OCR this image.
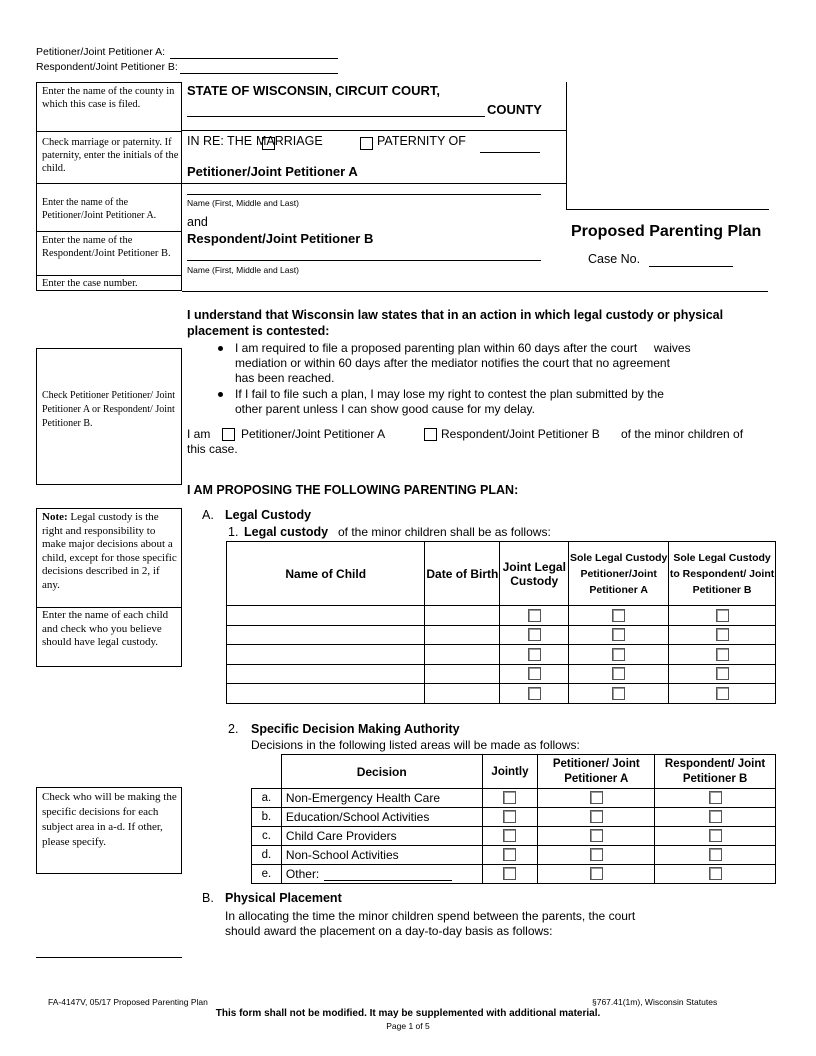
Petitioner/Joint Petitioner A:
Respondent/Joint Petitioner B:
Enter the name of the county in which this case is filed.
Check marriage or paternity. If paternity, enter the initials of the child.
Enter the name of the Petitioner/Joint Petitioner A.
Enter the name of the Respondent/Joint Petitioner B.
Enter the case number.
STATE OF WISCONSIN, CIRCUIT COURT,
COUNTY
IN RE: THE MARRIAGE	PATERNITY OF
Petitioner/Joint Petitioner A
Name (First, Middle and Last)
and
Respondent/Joint Petitioner B
Name (First, Middle and Last)
Proposed Parenting Plan
Case No.
Check Petitioner Petitioner/ Joint Petitioner A or Respondent/ Joint Petitioner B.
I understand that Wisconsin law states that in an action in which legal custody or physical
placement is contested:
I am required to file a proposed parenting plan within 60 days after the court     waives
mediation or within 60 days after the mediator notifies the court that no agreement
has been reached.
If I fail to file such a plan, I may lose my right to contest the plan submitted by the
other parent unless I can show good cause for my delay.
I am	Petitioner/Joint Petitioner A	Respondent/Joint Petitioner B of the minor children of
this case.
I AM PROPOSING THE FOLLOWING PARENTING PLAN:
Note: Legal custody is the right and responsibility to make major decisions about a child, except for those specific decisions described in 2, if any.
Enter the name of each child and check who you believe should have legal custody.
A. Legal Custody
1. Legal custody of the minor children shall be as follows:
Name of Child	Date of Birth	Joint Legal Custody	Sole Legal Custody Petitioner/Joint Petitioner A	Sole Legal Custody to Respondent/ Joint Petitioner B

2. Specific Decision Making Authority
Decisions in the following listed areas will be made as follows:
Check who will be making the specific decisions for each subject area in a-d. If other, please specify.
	Decision	Jointly	Petitioner/ Joint Petitioner A	Respondent/ Joint Petitioner B
a.	Non-Emergency Health Care			
b.	Education/School Activities			
c.	Child Care Providers			
d.	Non-School Activities			
e.	Other:

B. Physical Placement
In allocating the time the minor children spend between the parents, the court
should award the placement on a day-to-day basis as follows:
FA-4147V, 05/17 Proposed Parenting Plan	§767.41(1m), Wisconsin Statutes
This form shall not be modified. It may be supplemented with additional material.
Page 1 of 5
